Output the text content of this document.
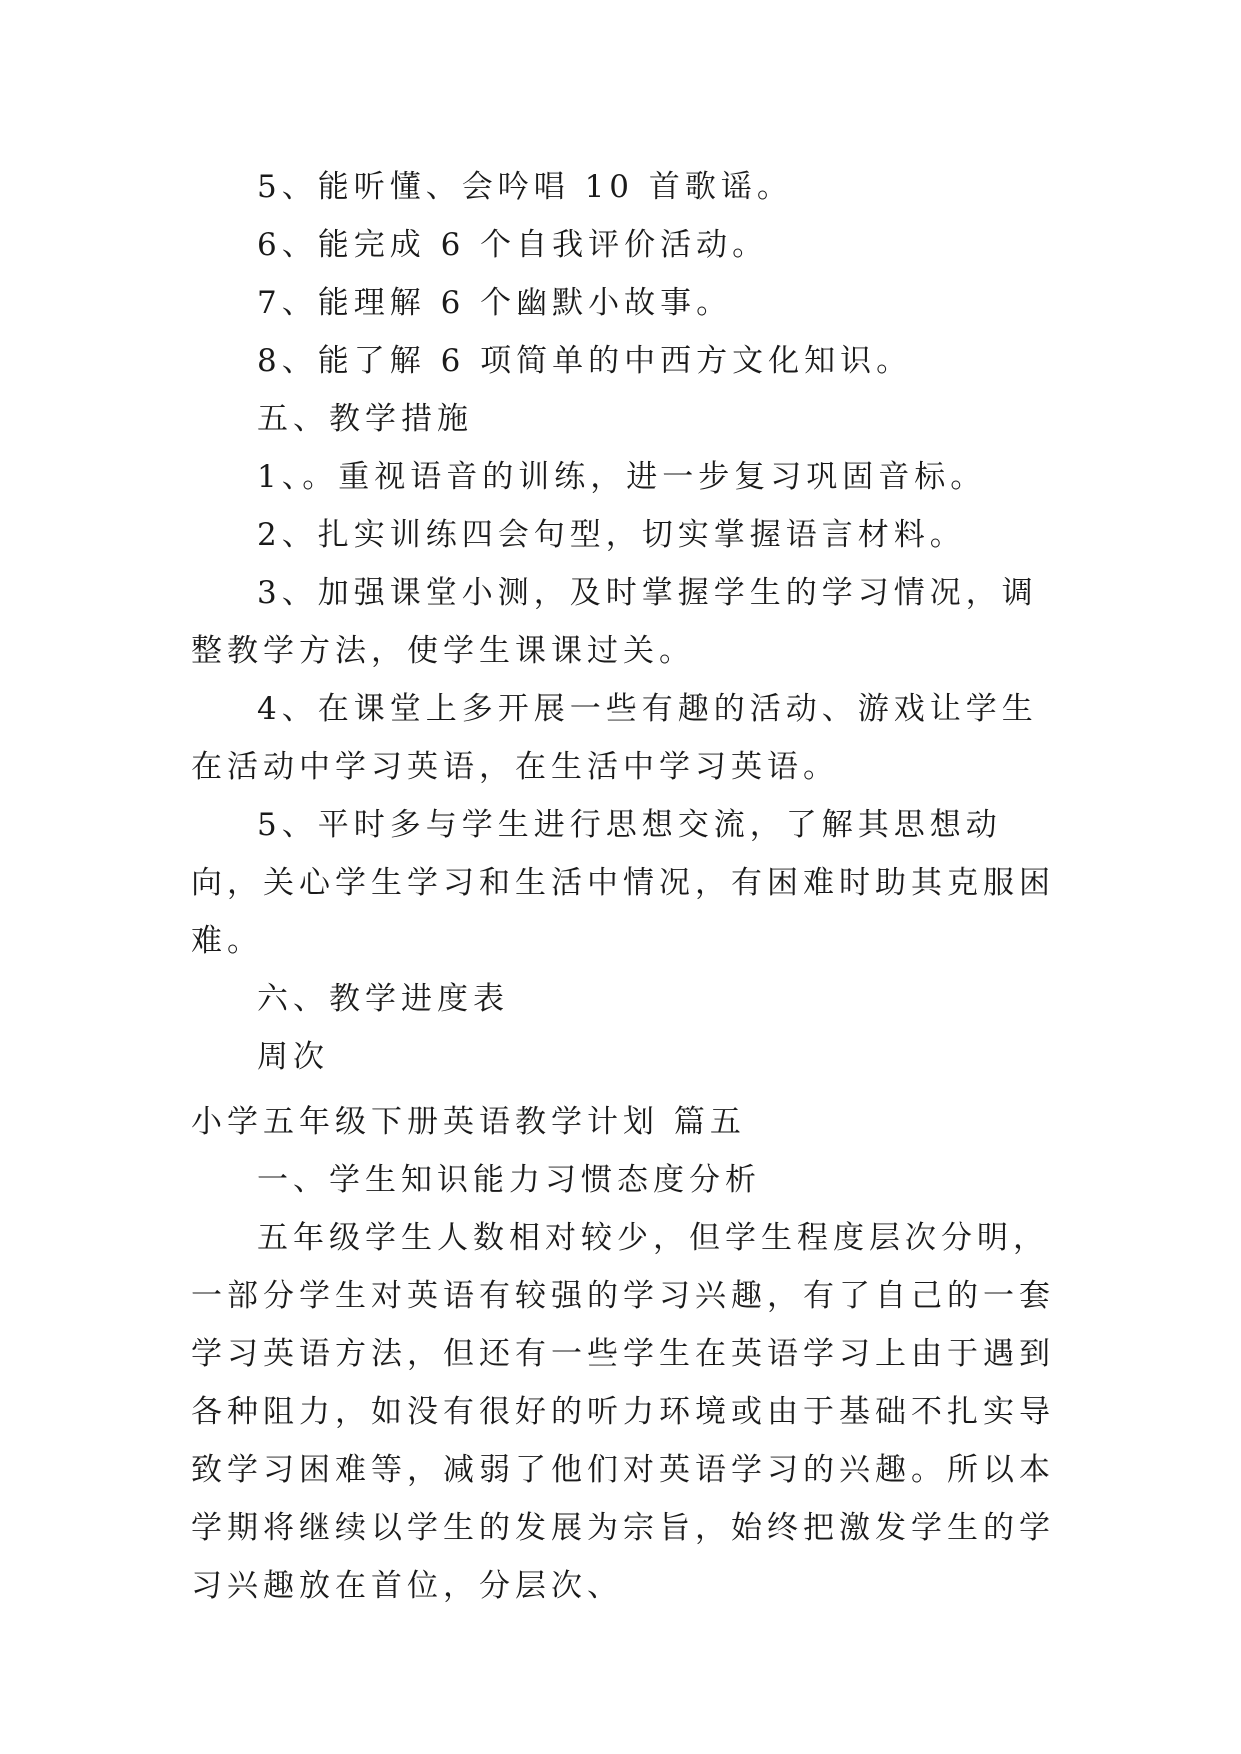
5、能听懂、会吟唱 10 首歌谣。

6、能完成 6 个自我评价活动。

7、能理解 6 个幽默小故事。

8、能了解 6 项简单的中西方文化知识。

五、教学措施

1、。重视语音的训练，进一步复习巩固音标。

2、扎实训练四会句型，切实掌握语言材料。

3、加强课堂小测，及时掌握学生的学习情况，调整教学方法，使学生课课过关。

4、在课堂上多开展一些有趣的活动、游戏让学生在活动中学习英语，在生活中学习英语。

5、平时多与学生进行思想交流，了解其思想动向，关心学生学习和生活中情况，有困难时助其克服困难。

六、教学进度表

周次

小学五年级下册英语教学计划 篇五

一、学生知识能力习惯态度分析

五年级学生人数相对较少，但学生程度层次分明，一部分学生对英语有较强的学习兴趣，有了自己的一套学习英语方法，但还有一些学生在英语学习上由于遇到各种阻力，如没有很好的听力环境或由于基础不扎实导致学习困难等，减弱了他们对英语学习的兴趣。所以本学期将继续以学生的发展为宗旨，始终把激发学生的学习兴趣放在首位，分层次、
